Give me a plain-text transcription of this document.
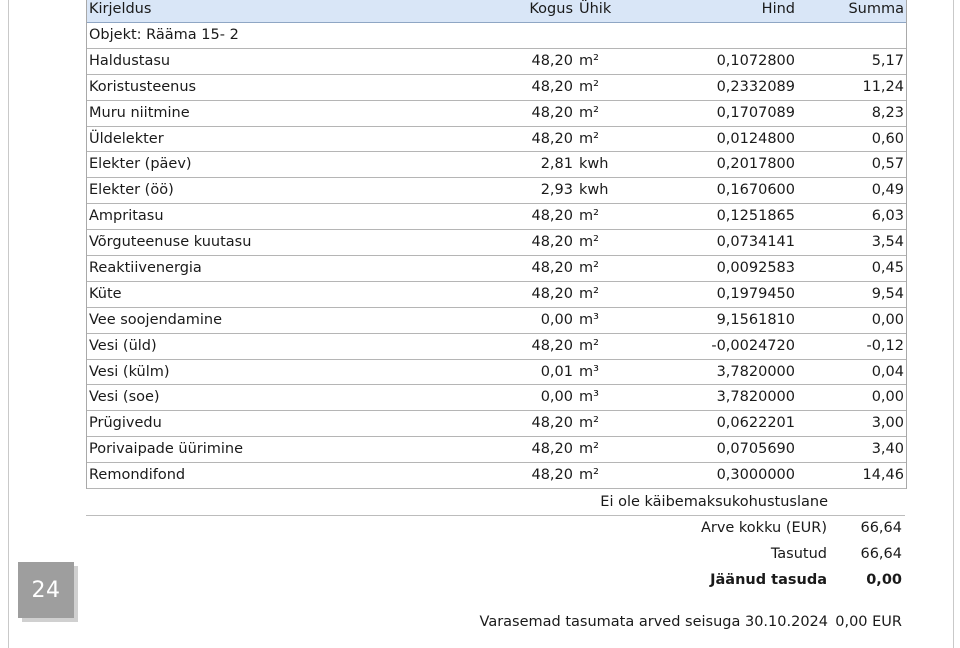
Kirjeldus	Kogus Ühik	Hind	Summa
Objekt: Rääma 15- 2
Haldustasu	48,20 m²	0,1072800	5,17
Koristusteenus	48,20 m²	0,2332089	11,24
Muru niitmine	48,20 m²	0,1707089	8,23
Üldelekter	48,20 m²	0,0124800	0,60
Elekter (päev)	2,81 kwh	0,2017800	0,57
Elekter (öö)	2,93 kwh	0,1670600	0,49
Ampritasu	48,20 m²	0,1251865	6,03
Võrguteenuse kuutasu	48,20 m²	0,0734141	3,54
Reaktiivenergia	48,20 m²	0,0092583	0,45
Küte	48,20 m²	0,1979450	9,54
Vee soojendamine	0,00 m³	9,1561810	0,00
Vesi (üld)	48,20 m²	-0,0024720	-0,12
Vesi (külm)	0,01 m³	3,7820000	0,04
Vesi (soe)	0,00 m³	3,7820000	0,00
Prügivedu	48,20 m²	0,0622201	3,00
Porivaipade üürimine	48,20 m²	0,0705690	3,40
Remondifond	48,20 m²	0,3000000	14,46
Ei ole käibemaksukohustuslane
Arve kokku (EUR) 66,64
Tasutud 66,64
Jäänud tasuda	0,00
Varasemad tasumata arved seisuga 30.10.2024 0,00 EUR
24
